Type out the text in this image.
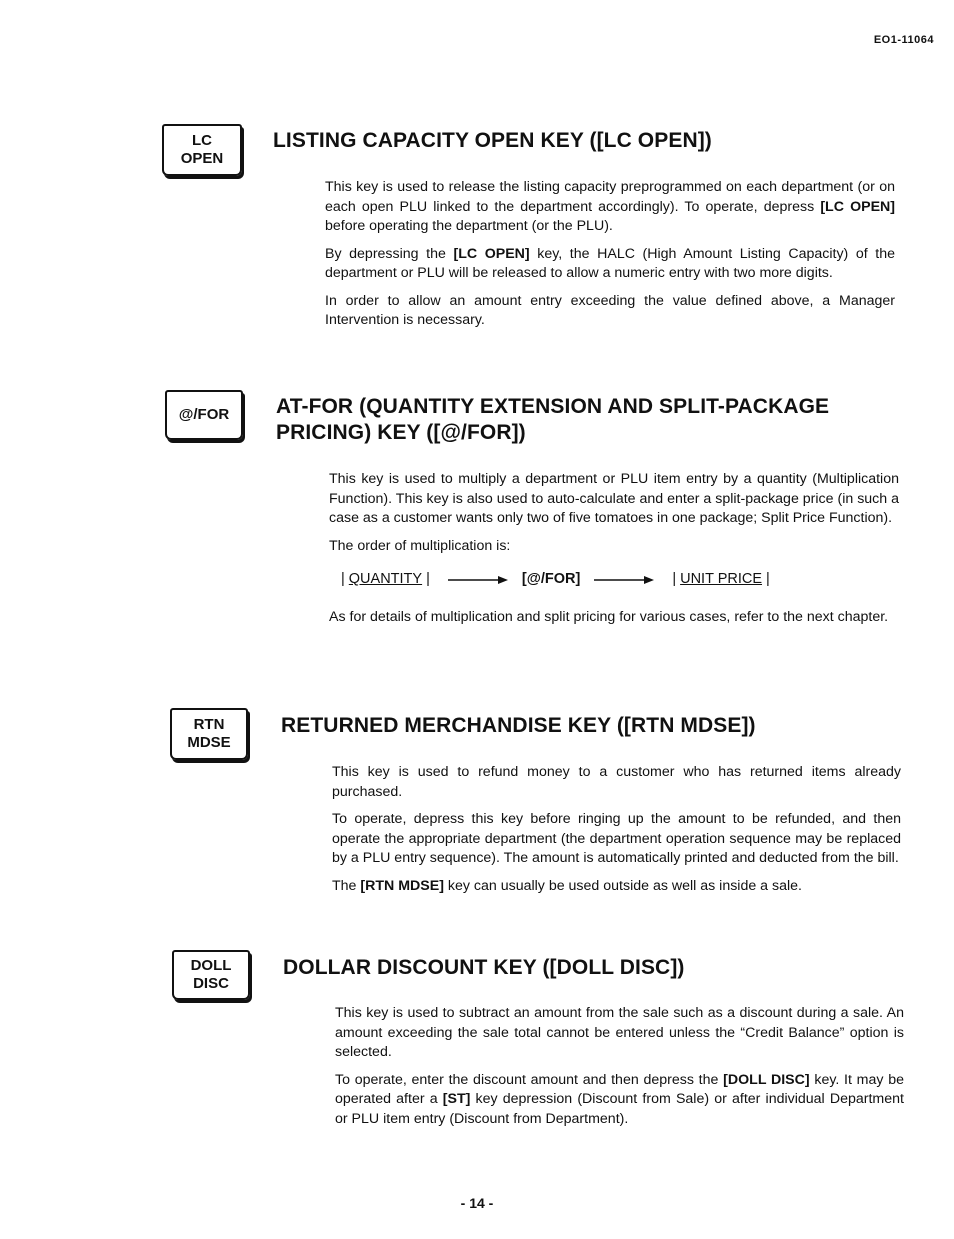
EO1-11064
LC
OPEN
LISTING CAPACITY OPEN KEY ([LC OPEN])

This key is used to release the listing capacity preprogrammed on each department (or on each open PLU linked to the department accordingly). To operate, depress [LC OPEN] before operating the department (or the PLU).

By depressing the [LC OPEN] key, the HALC (High Amount Listing Capacity) of the department or PLU will be released to allow a numeric entry with two more digits.

In order to allow an amount entry exceeding the value defined above, a Manager Intervention is necessary.

@/FOR AT-FOR (QUANTITY EXTENSION AND SPLIT-PACKAGE
PRICING) KEY ([@/FOR])

This key is used to multiply a department or PLU item entry by a quantity (Multiplication Function). This key is also used to auto-calculate and enter a split-package price (in such a case as a customer wants only two of five tomatoes in one package; Split Price Function).

The order of multiplication is:

| QUANTITY |	[@/FOR]	| UNIT PRICE |

As for details of multiplication and split pricing for various cases, refer to the next chapter.

RTN
MDSE
RETURNED MERCHANDISE KEY ([RTN MDSE])

This key is used to refund money to a customer who has returned items already purchased.

To operate, depress this key before ringing up the amount to be refunded, and then operate the appropriate department (the department operation sequence may be replaced by a PLU entry sequence). The amount is automatically printed and deducted from the bill.

The [RTN MDSE] key can usually be used outside as well as inside a sale.

DOLL
DISC
DOLLAR DISCOUNT KEY ([DOLL DISC])

This key is used to subtract an amount from the sale such as a discount during a sale. An amount exceeding the sale total cannot be entered unless the “Credit Balance” option is selected.

To operate, enter the discount amount and then depress the [DOLL DISC] key. It may be operated after a [ST] key depression (Discount from Sale) or after individual Department or PLU item entry (Discount from Department).

- 14 -
